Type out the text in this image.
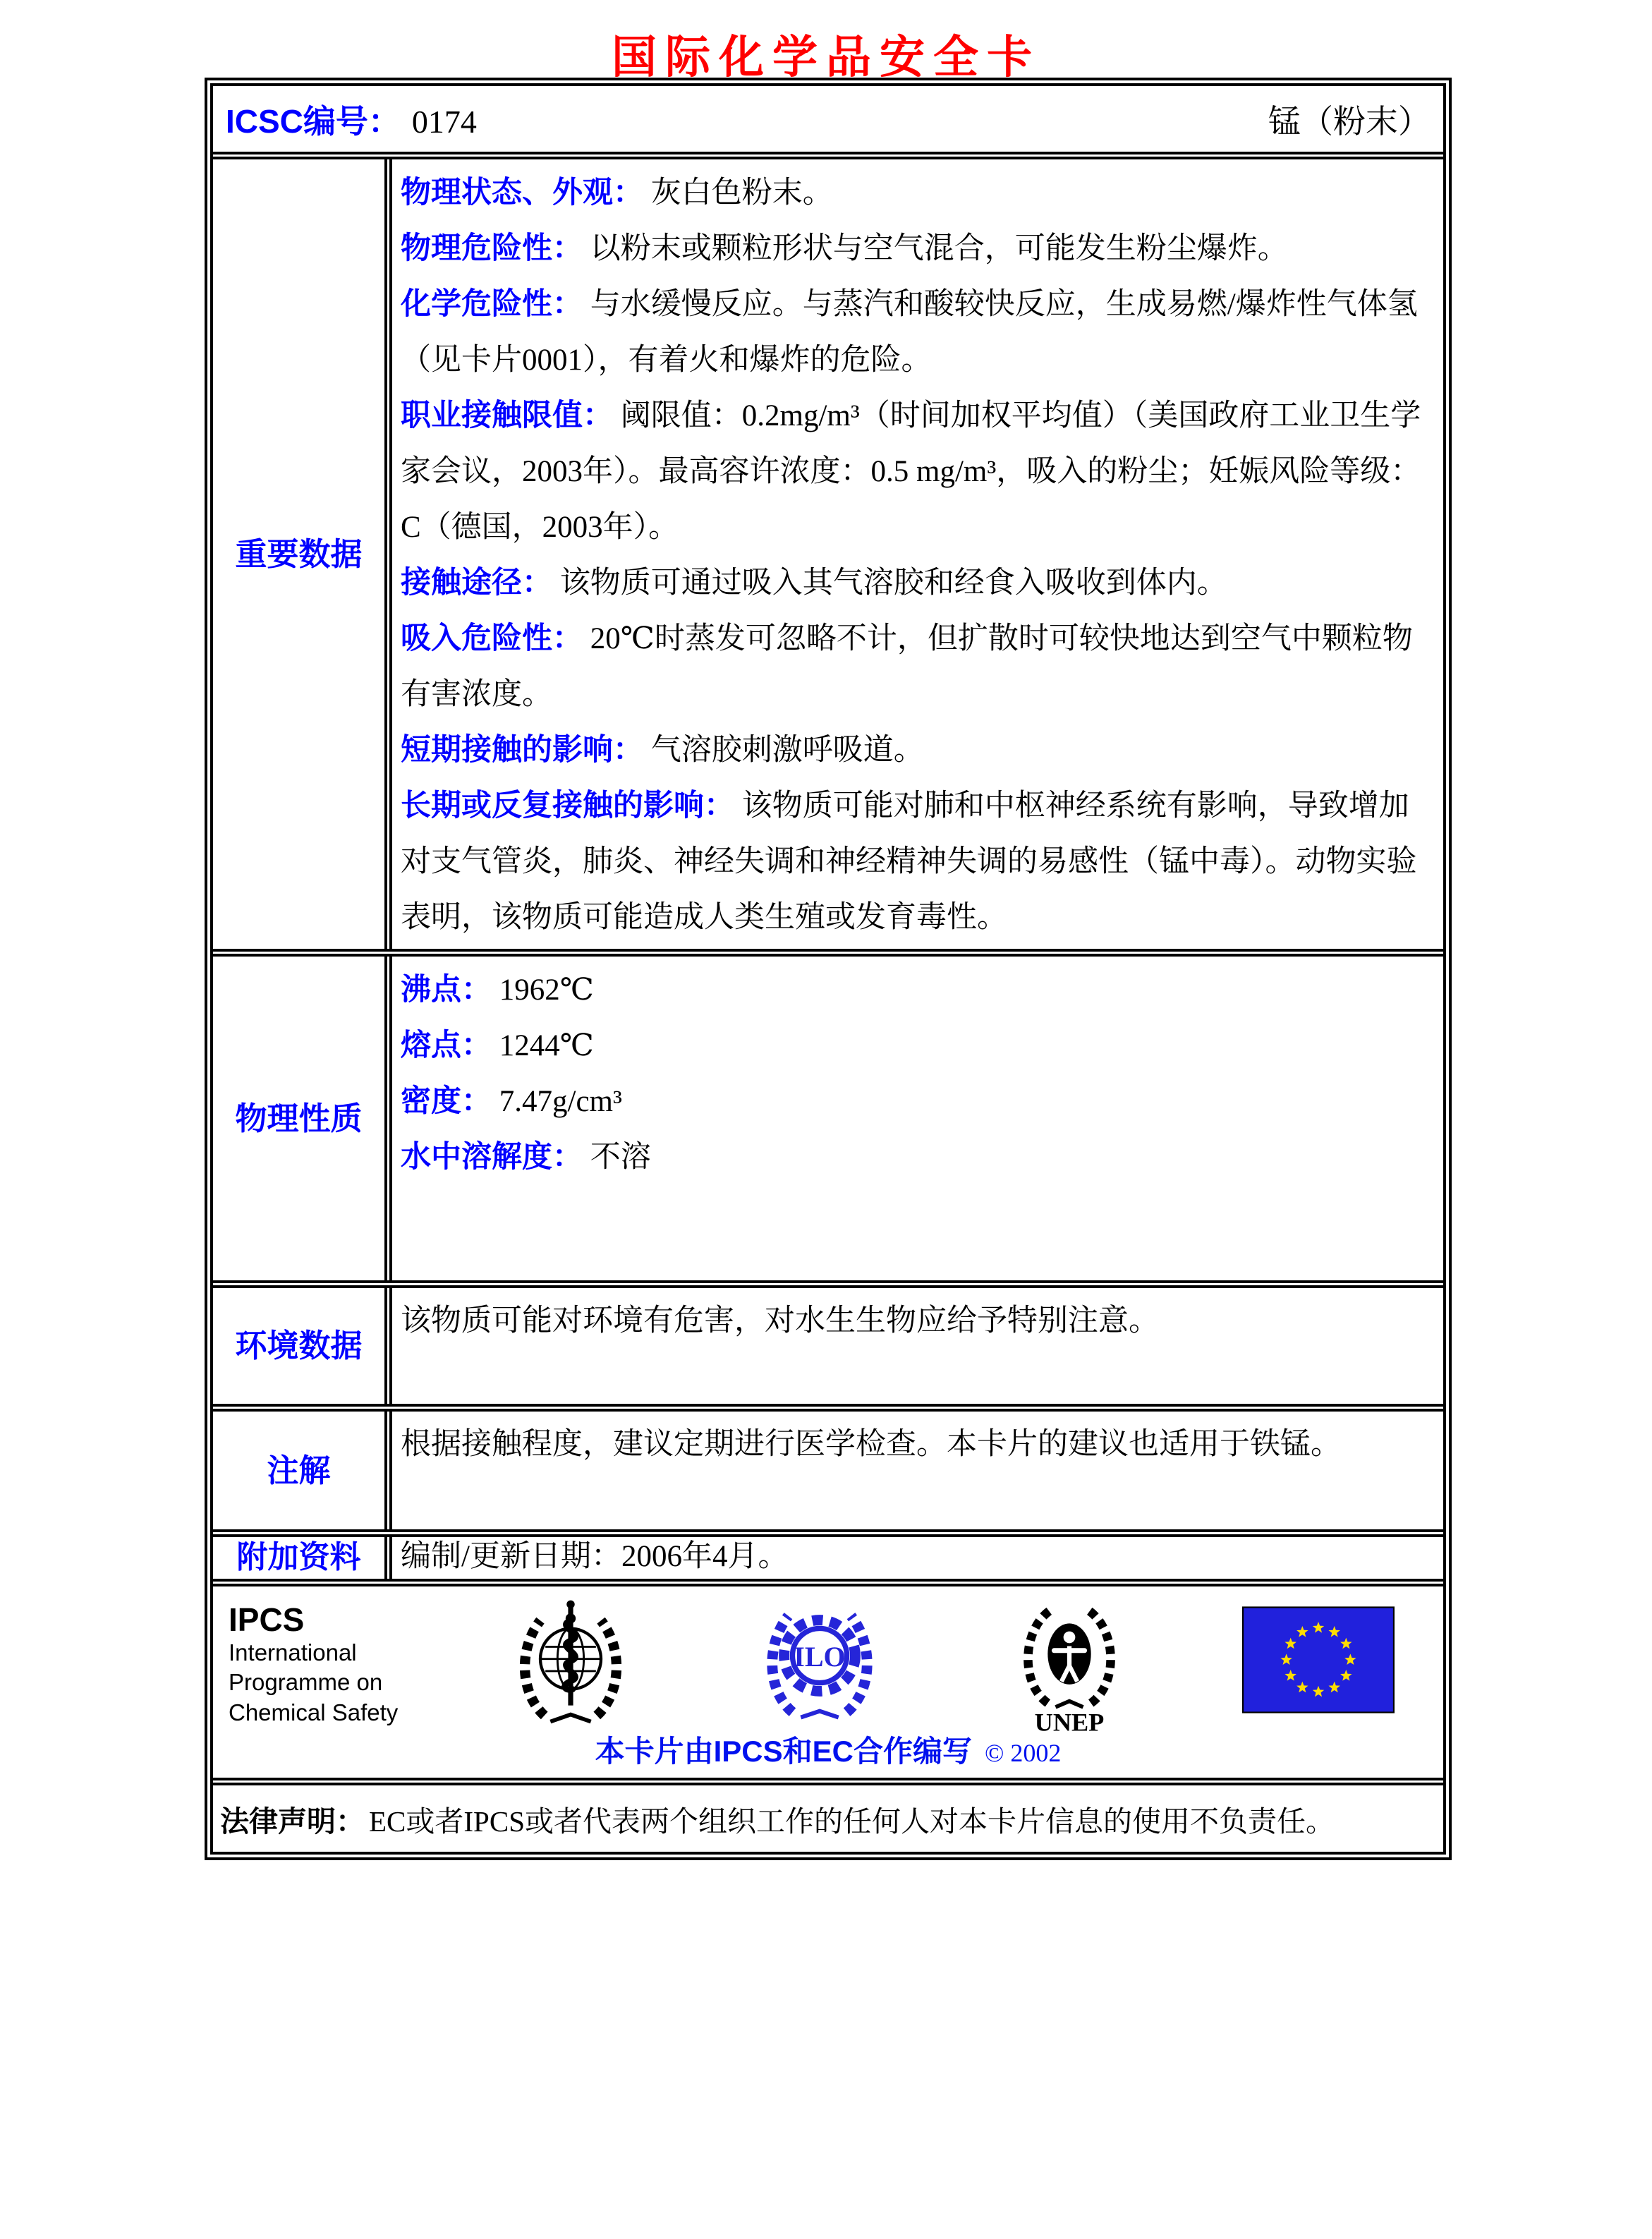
国际化学品安全卡
ICSC编号： 0174	锰（粉末）
重要数据

物理状态、外观： 灰白色粉末。

物理危险性： 以粉末或颗粒形状与空气混合，可能发生粉尘爆炸。

化学危险性： 与水缓慢反应。与蒸汽和酸较快反应，生成易燃/爆炸性气体氢（见卡片0001），有着火和爆炸的危险。

职业接触限值： 阈限值：0.2mg/m³（时间加权平均值）（美国政府工业卫生学家会议，2003年）。最高容许浓度：0.5 mg/m³，吸入的粉尘；妊娠风险等级：C（德国，2003年）。

接触途径： 该物质可通过吸入其气溶胶和经食入吸收到体内。

吸入危险性： 20℃时蒸发可忽略不计，但扩散时可较快地达到空气中颗粒物有害浓度。

短期接触的影响： 气溶胶刺激呼吸道。

长期或反复接触的影响： 该物质可能对肺和中枢神经系统有影响，导致增加对支气管炎，肺炎、神经失调和神经精神失调的易感性（锰中毒）。动物实验表明，该物质可能造成人类生殖或发育毒性。

物理性质

沸点： 1962℃

熔点： 1244℃

密度： 7.47g/cm³

水中溶解度： 不溶

环境数据

该物质可能对环境有危害，对水生生物应给予特别注意。

注解

根据接触程度，建议定期进行医学检查。本卡片的建议也适用于铁锰。

附加资料	编制/更新日期：2006年4月。

IPCS
International
Programme on
Chemical Safety
ILO
UNEP
本卡片由IPCS和EC合作编写 © 2002
法律声明： EC或者IPCS或者代表两个组织工作的任何人对本卡片信息的使用不负责任。
